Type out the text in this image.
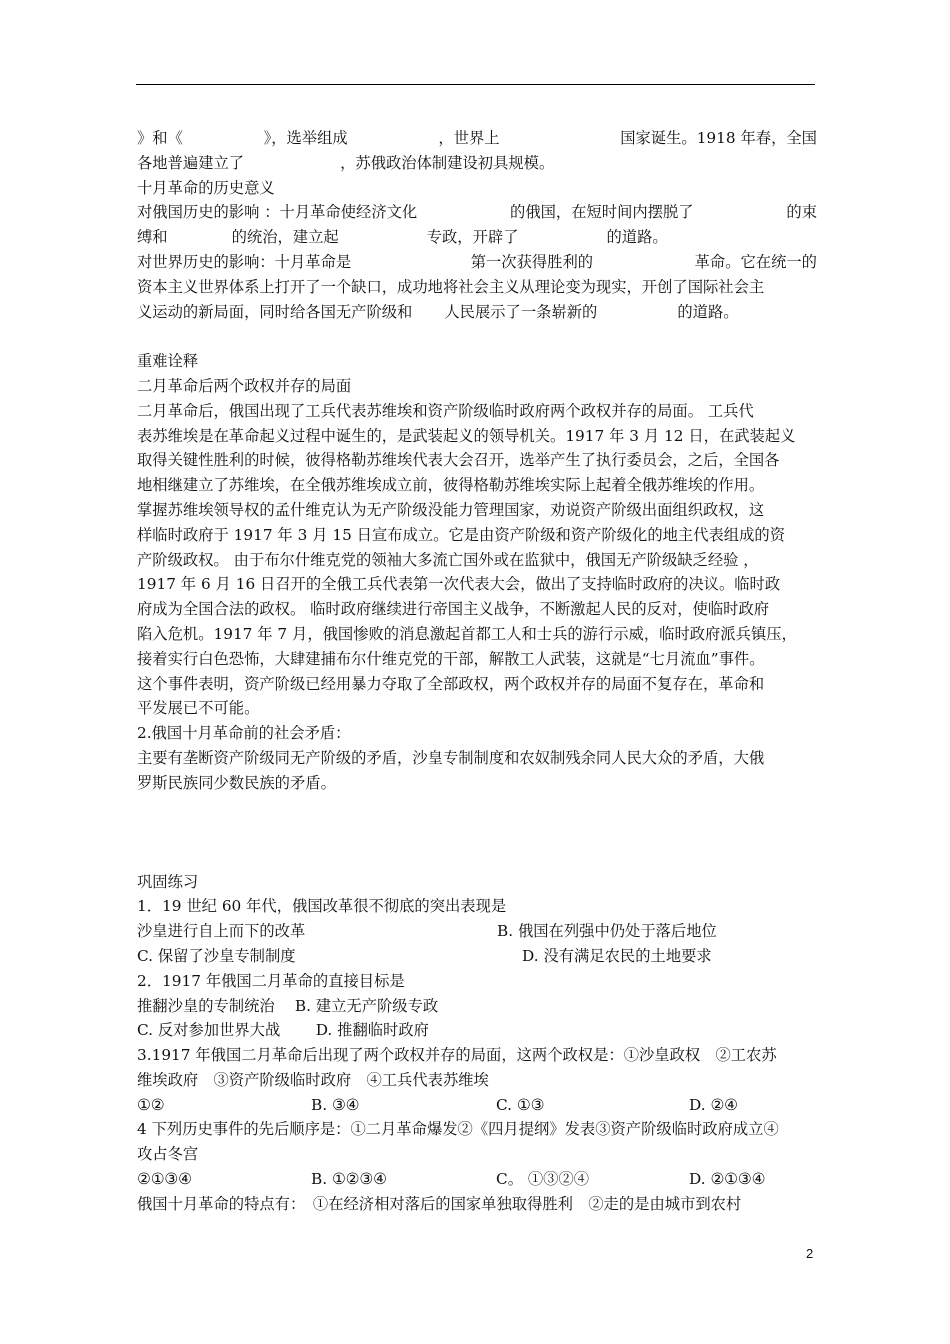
》和《	》，选举组成	，世界上	国家诞生。1918 年春，全国
各地普遍建立了	，苏俄政治体制建设初具规模。
十月革命的历史意义
对俄国历史的影响 ：十月革命使经济文化	的俄国，在短时间内摆脱了	的束
缚和	的统治，建立起	专政，开辟了	的道路。
对世界历史的影响：十月革命是	第一次获得胜利的	革命。它在统一的
资本主义世界体系上打开了一个缺口，成功地将社会主义从理论变为现实，开创了国际社会主
义运动的新局面，同时给各国无产阶级和 人民展示了一条崭新的	的道路。
重难诠释
二月革命后两个政权并存的局面
二月革命后，俄国出现了工兵代表苏维埃和资产阶级临时政府两个政权并存的局面。 工兵代
表苏维埃是在革命起义过程中诞生的，是武装起义的领导机关。1917 年 3 月 12 日，在武装起义
取得关键性胜利的时候，彼得格勒苏维埃代表大会召开，选举产生了执行委员会，之后，全国各
地相继建立了苏维埃，在全俄苏维埃成立前，彼得格勒苏维埃实际上起着全俄苏维埃的作用。
掌握苏维埃领导权的孟什维克认为无产阶级没能力管理国家，劝说资产阶级出面组织政权，这
样临时政府于 1917 年 3 月 15 日宣布成立。它是由资产阶级和资产阶级化的地主代表组成的资
产阶级政权。 由于布尔什维克党的领袖大多流亡国外或在监狱中，俄国无产阶级缺乏经验 ，
1917 年 6 月 16 日召开的全俄工兵代表第一次代表大会，做出了支持临时政府的决议。临时政
府成为全国合法的政权。 临时政府继续进行帝国主义战争，不断激起人民的反对，使临时政府
陷入危机。1917 年 7 月，俄国惨败的消息激起首都工人和士兵的游行示威，临时政府派兵镇压，
接着实行白色恐怖，大肆建捕布尔什维克党的干部，解散工人武装，这就是“七月流血”事件。
这个事件表明，资产阶级已经用暴力夺取了全部政权，两个政权并存的局面不复存在，革命和
平发展已不可能。
2.俄国十月革命前的社会矛盾：
主要有垄断资产阶级同无产阶级的矛盾，沙皇专制制度和农奴制残余同人民大众的矛盾，大俄
罗斯民族同少数民族的矛盾。
巩固练习
1．19 世纪 60 年代，俄国改革很不彻底的突出表现是
沙皇进行自上而下的改革	B. 俄国在列强中仍处于落后地位
C. 保留了沙皇专制制度	D. 没有满足农民的土地要求
2．1917 年俄国二月革命的直接目标是
推翻沙皇的专制统治　 B. 建立无产阶级专政
C. 反对参加世界大战　　 D. 推翻临时政府
3.1917 年俄国二月革命后出现了两个政权并存的局面，这两个政权是：①沙皇政权　②工农苏
维埃政府　③资产阶级临时政府　④工兵代表苏维埃
①②	B. ③④	C. ①③	D. ②④
4 下列历史事件的先后顺序是：①二月革命爆发②《四月提纲》发表③资产阶级临时政府成立④
攻占冬宫
②①③④	B. ①②③④	C。 ①③②④	D. ②①③④
俄国十月革命的特点有：　①在经济相对落后的国家单独取得胜利　②走的是由城市到农村
2
